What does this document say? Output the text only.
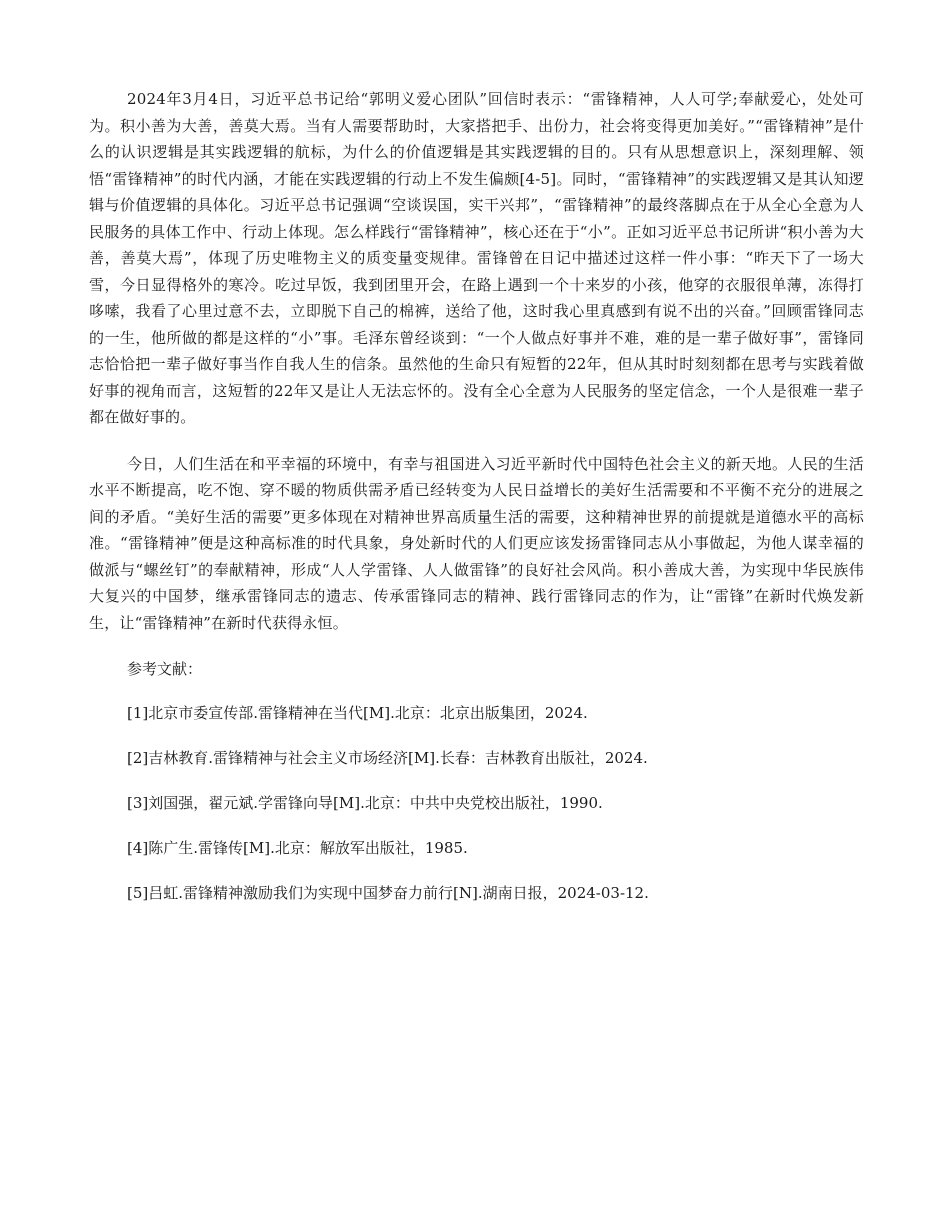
2024年3月4日，习近平总书记给“郭明义爱心团队”回信时表示：“雷锋精神，人人可学;奉献爱心，处处可为。积小善为大善，善莫大焉。当有人需要帮助时，大家搭把手、出份力，社会将变得更加美好。”“雷锋精神”是什么的认识逻辑是其实践逻辑的航标，为什么的价值逻辑是其实践逻辑的目的。只有从思想意识上，深刻理解、领悟“雷锋精神”的时代内涵，才能在实践逻辑的行动上不发生偏颇[4-5]。同时，“雷锋精神”的实践逻辑又是其认知逻辑与价值逻辑的具体化。习近平总书记强调“空谈误国，实干兴邦”，“雷锋精神”的最终落脚点在于从全心全意为人民服务的具体工作中、行动上体现。怎么样践行“雷锋精神”，核心还在于“小”。正如习近平总书记所讲“积小善为大善，善莫大焉”，体现了历史唯物主义的质变量变规律。雷锋曾在日记中描述过这样一件小事：“昨天下了一场大雪，今日显得格外的寒冷。吃过早饭，我到团里开会，在路上遇到一个十来岁的小孩，他穿的衣服很单薄，冻得打哆嗦，我看了心里过意不去，立即脱下自己的棉裤，送给了他，这时我心里真感到有说不出的兴奋。”回顾雷锋同志的一生，他所做的都是这样的“小”事。毛泽东曾经谈到：“一个人做点好事并不难，难的是一辈子做好事”，雷锋同志恰恰把一辈子做好事当作自我人生的信条。虽然他的生命只有短暂的22年，但从其时时刻刻都在思考与实践着做好事的视角而言，这短暂的22年又是让人无法忘怀的。没有全心全意为人民服务的坚定信念，一个人是很难一辈子都在做好事的。

今日，人们生活在和平幸福的环境中，有幸与祖国进入习近平新时代中国特色社会主义的新天地。人民的生活水平不断提高，吃不饱、穿不暖的物质供需矛盾已经转变为人民日益增长的美好生活需要和不平衡不充分的进展之间的矛盾。“美好生活的需要”更多体现在对精神世界高质量生活的需要，这种精神世界的前提就是道德水平的高标准。“雷锋精神”便是这种高标准的时代具象，身处新时代的人们更应该发扬雷锋同志从小事做起，为他人谋幸福的做派与“螺丝钉”的奉献精神，形成“人人学雷锋、人人做雷锋”的良好社会风尚。积小善成大善，为实现中华民族伟大复兴的中国梦，继承雷锋同志的遗志、传承雷锋同志的精神、践行雷锋同志的作为，让“雷锋”在新时代焕发新生，让“雷锋精神”在新时代获得永恒。

参考文献：
[1]北京市委宣传部.雷锋精神在当代[M].北京：北京出版集团，2024.
[2]吉林教育.雷锋精神与社会主义市场经济[M].长春：吉林教育出版社，2024.
[3]刘国强，翟元斌.学雷锋向导[M].北京：中共中央党校出版社，1990.
[4]陈广生.雷锋传[M].北京：解放军出版社，1985.
[5]吕虹.雷锋精神激励我们为实现中国梦奋力前行[N].湖南日报，2024-03-12.
